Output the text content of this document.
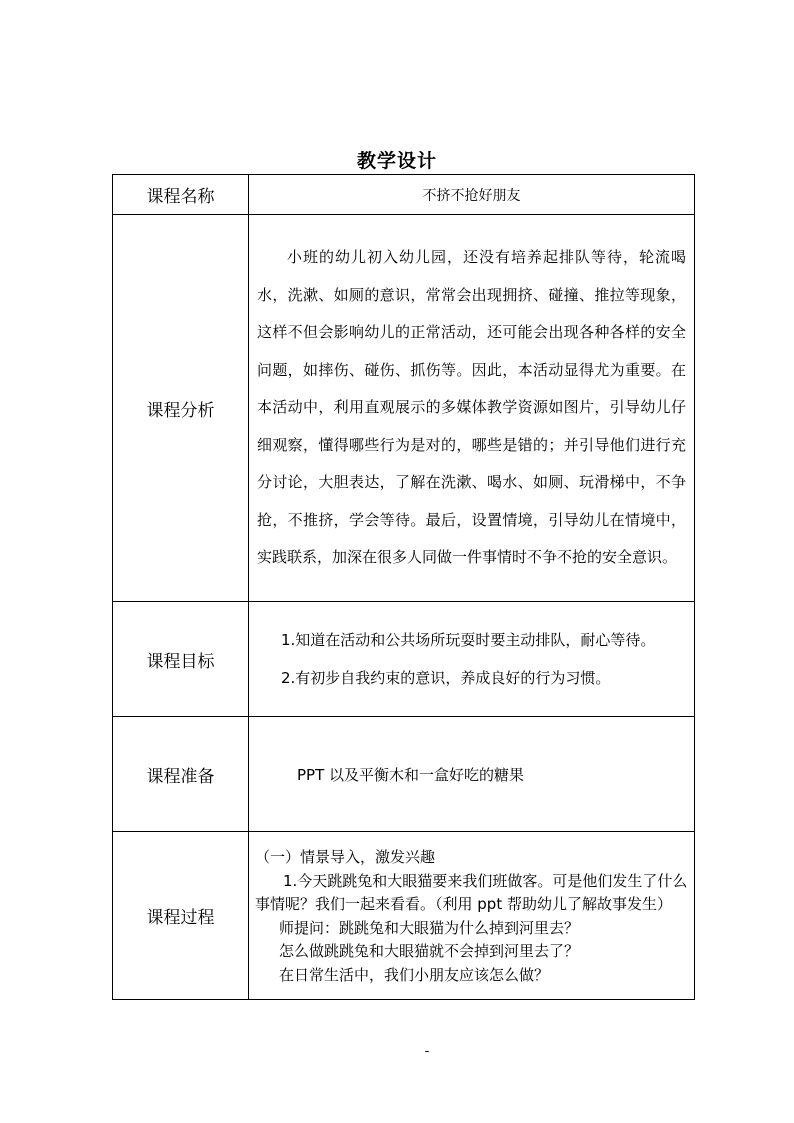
教学设计
课程名称	不挤不抢好朋友

课程分析	小班的幼儿初入幼儿园，还没有培养起排队等待，轮流喝水，洗漱、如厕的意识，常常会出现拥挤、碰撞、推拉等现象，这样不但会影响幼儿的正常活动，还可能会出现各种各样的安全问题，如摔伤、碰伤、抓伤等。因此，本活动显得尤为重要。在本活动中，利用直观展示的多媒体教学资源如图片，引导幼儿仔细观察，懂得哪些行为是对的，哪些是错的；并引导他们进行充分讨论，大胆表达，了解在洗漱、喝水、如厕、玩滑梯中，不争抢，不推挤，学会等待。最后，设置情境，引导幼儿在情境中，实践联系，加深在很多人同做一件事情时不争不抢的安全意识。

课程目标	1.知道在活动和公共场所玩耍时要主动排队，耐心等待。
2.有初步自我约束的意识，养成良好的行为习惯。

课程准备	PPT 以及平衡木和一盒好吃的糖果

课程过程	（一）情景导入，激发兴趣

1.今天跳跳兔和大眼猫要来我们班做客。可是他们发生了什么事情呢？我们一起来看看。（利用 ppt 帮助幼儿了解故事发生）

师提问：跳跳兔和大眼猫为什么掉到河里去？

怎么做跳跳兔和大眼猫就不会掉到河里去了？

在日常生活中，我们小朋友应该怎么做？

-
